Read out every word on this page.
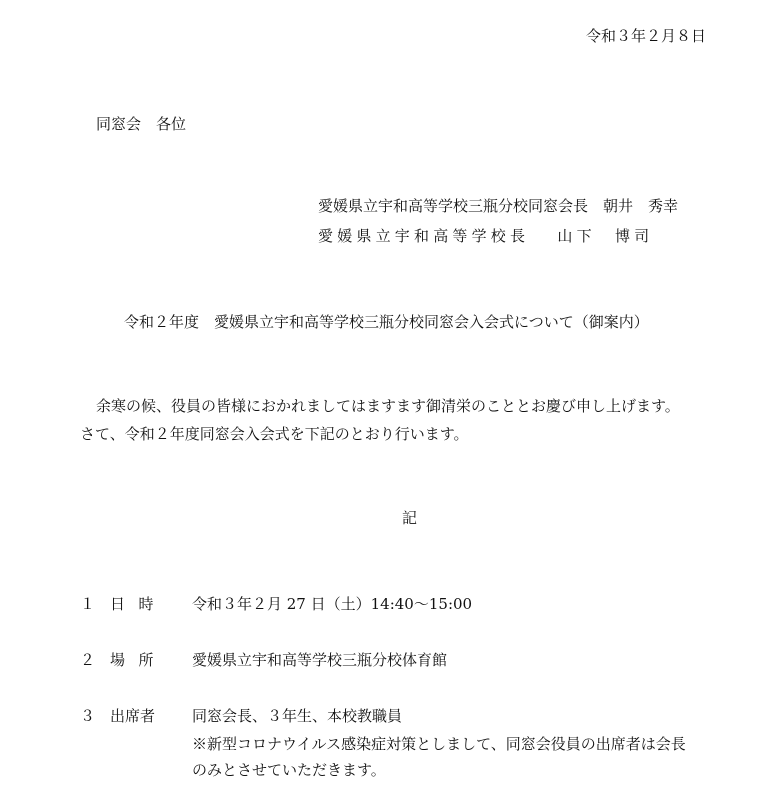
令和３年２月８日
同窓会　各位
愛媛県立宇和高等学校三瓶分校同窓会長　朝井　秀幸
愛媛県立宇和高等学校長　 山下　博司
令和２年度　愛媛県立宇和高等学校三瓶分校同窓会入会式について（御案内）
余寒の候、役員の皆様におかれましてはますます御清栄のこととお慶び申し上げます。
さて、令和２年度同窓会入会式を下記のとおり行います。
記
１ 日時 令和３年２月 27 日（土）14:40～15:00
２ 場所 愛媛県立宇和高等学校三瓶分校体育館
３ 出席者 同窓会長、３年生、本校教職員
※新型コロナウイルス感染症対策としまして、同窓会役員の出席者は会長
のみとさせていただきます。
